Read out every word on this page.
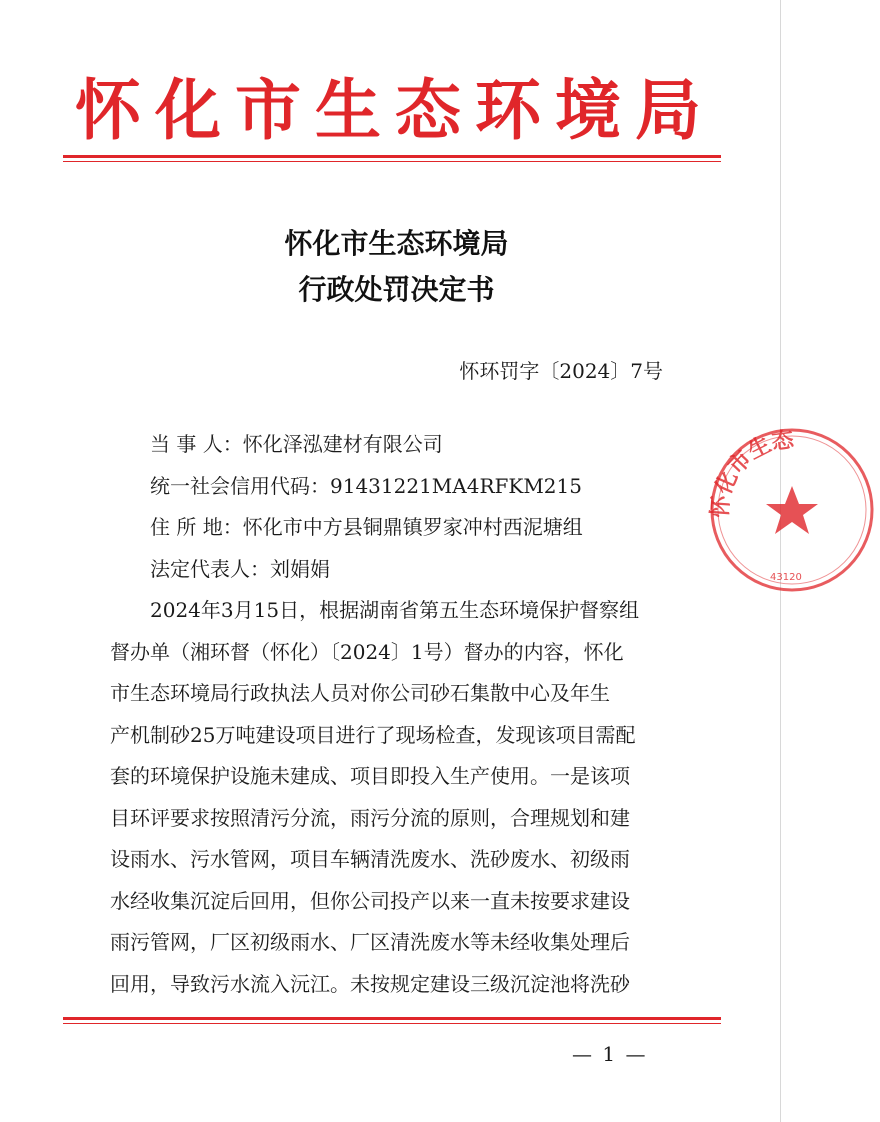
怀化市生态环境局
怀化市生态环境局
行政处罚决定书
怀环罚字〔2024〕7号
当 事 人：怀化泽泓建材有限公司
统一社会信用代码：91431221MA4RFKM215
住 所 地：怀化市中方县铜鼎镇罗家冲村西泥塘组
法定代表人：刘娟娟
2024年3月15日，根据湖南省第五生态环境保护督察组
督办单（湘环督（怀化）〔2024〕1号）督办的内容，怀化
市生态环境局行政执法人员对你公司砂石集散中心及年生
产机制砂25万吨建设项目进行了现场检查，发现该项目需配
套的环境保护设施未建成、项目即投入生产使用。一是该项
目环评要求按照清污分流，雨污分流的原则，合理规划和建
设雨水、污水管网，项目车辆清洗废水、洗砂废水、初级雨
水经收集沉淀后回用，但你公司投产以来一直未按要求建设
雨污管网，厂区初级雨水、厂区清洗废水等未经收集处理后
回用，导致污水流入沅江。未按规定建设三级沉淀池将洗砂
— 1 —
怀化市生态
43120
